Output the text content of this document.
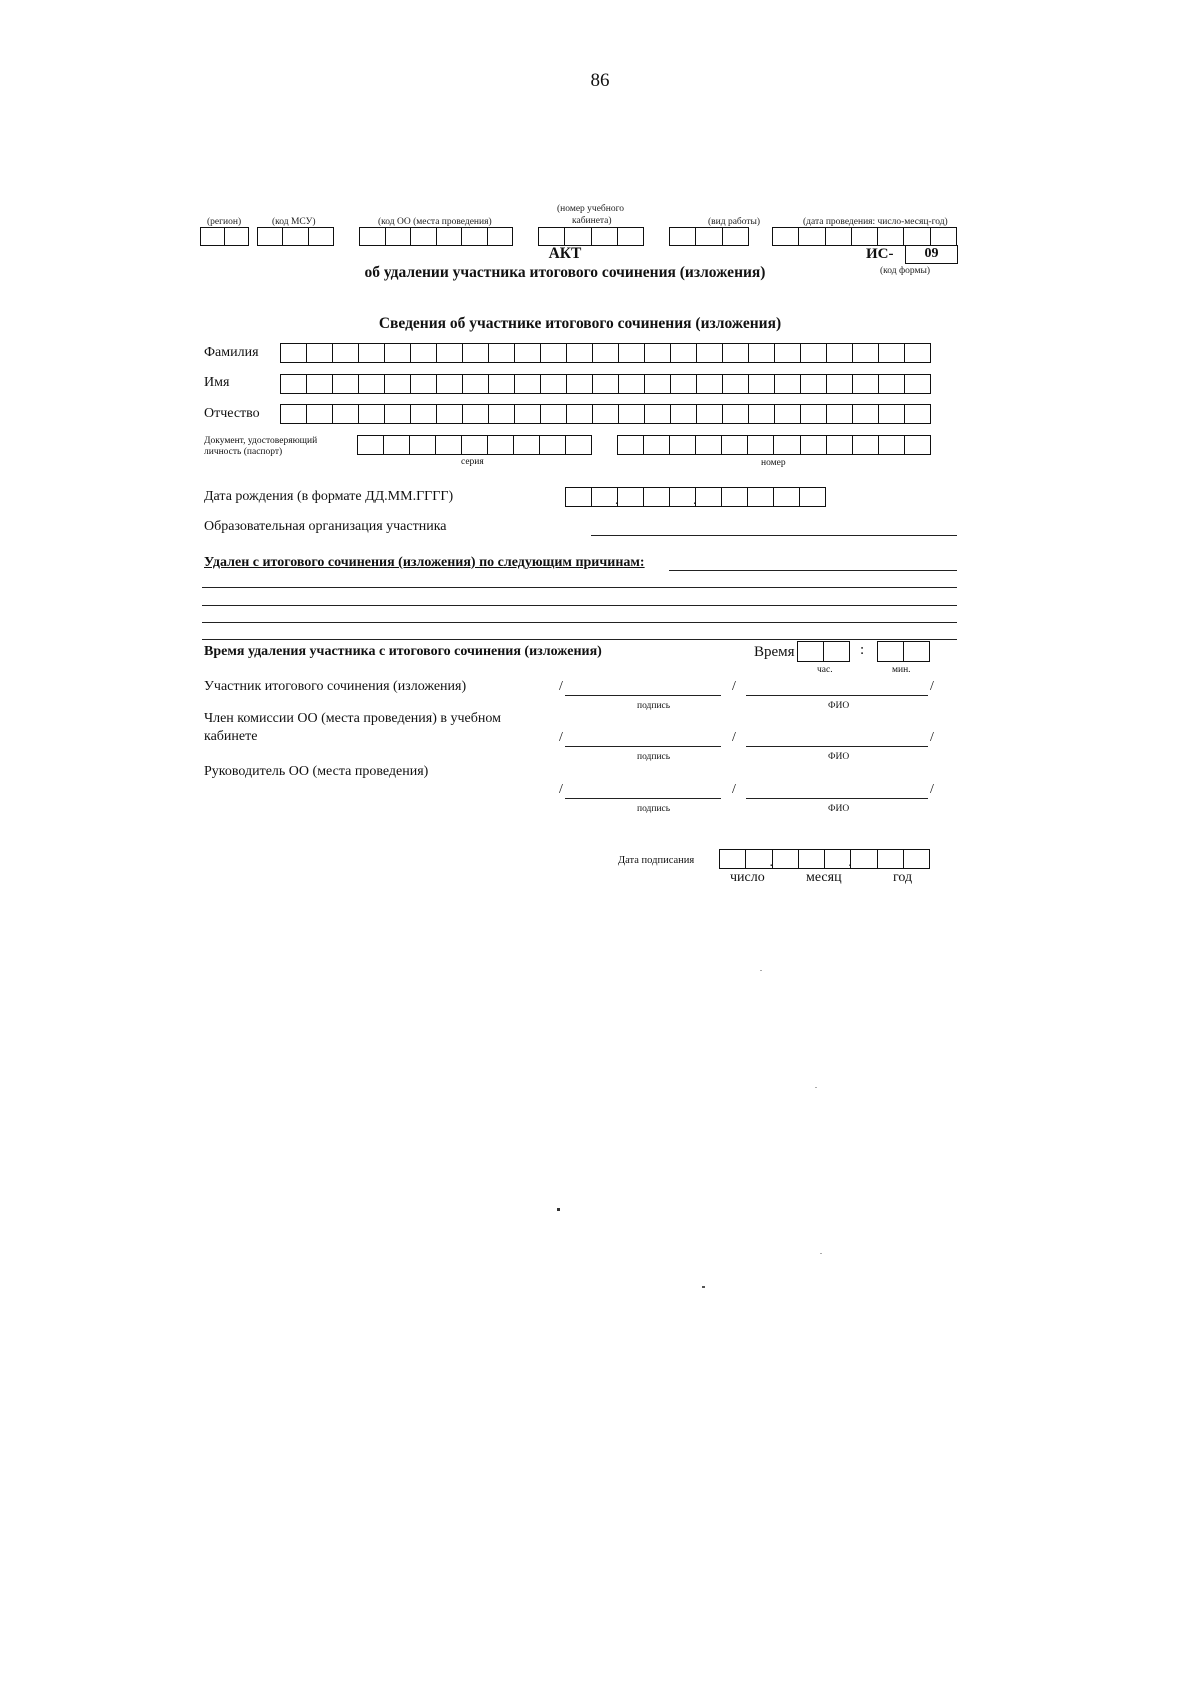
86
(регион)	(код МСУ)	(код ОО (места проведения)
(номер учебного
кабинета)	(вид работы)	(дата проведения: число-месяц-год)
АКТ
об удалении участника итогового сочинения (изложения)
ИС-	09
(код формы)
Сведения об участнике итогового сочинения (изложения)
Фамилия
Имя
Отчество
Документ, удостоверяющий
личность (паспорт)
серия	номер
Дата рождения (в формате ДД.ММ.ГГГГ)	.	.
Образовательная организация участника
Удален с итогового сочинения (изложения) по следующим причинам:
Время удаления участника с итогового сочинения (изложения)	Время	:
час.	мин.
Участник итогового сочинения (изложения)	/	/	/
подпись	ФИО
Член комиссии ОО (места проведения) в учебном
кабинете	/	/	/
подпись	ФИО
Руководитель ОО (места проведения)
/	/	/
подпись	ФИО
Дата подписания	.	.
число	месяц	год
